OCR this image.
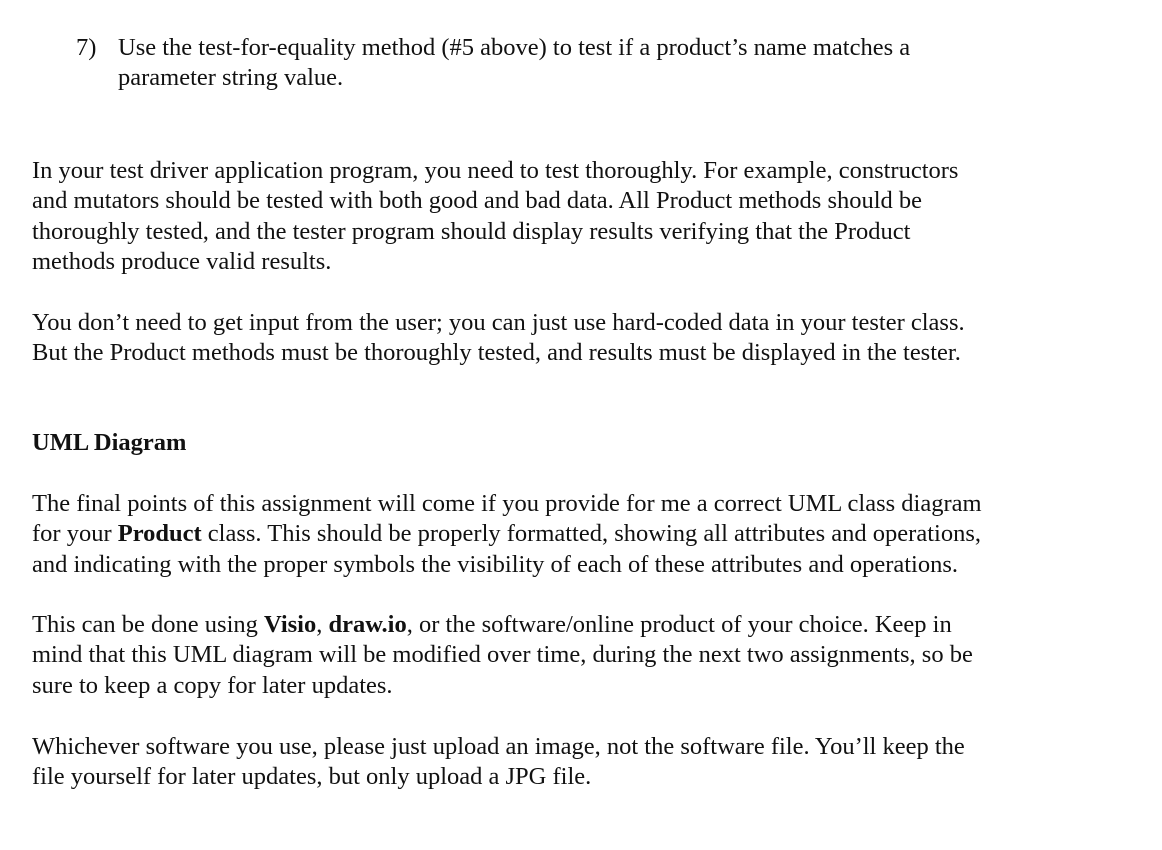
7) Use the test-for-equality method (#5 above) to test if a product’s name matches a
parameter string value.
In your test driver application program, you need to test thoroughly. For example, constructors
and mutators should be tested with both good and bad data. All Product methods should be
thoroughly tested, and the tester program should display results verifying that the Product
methods produce valid results.
You don’t need to get input from the user; you can just use hard-coded data in your tester class.
But the Product methods must be thoroughly tested, and results must be displayed in the tester.
UML Diagram
The final points of this assignment will come if you provide for me a correct UML class diagram
for your Product class. This should be properly formatted, showing all attributes and operations,
and indicating with the proper symbols the visibility of each of these attributes and operations.
This can be done using Visio, draw.io, or the software/online product of your choice. Keep in
mind that this UML diagram will be modified over time, during the next two assignments, so be
sure to keep a copy for later updates.
Whichever software you use, please just upload an image, not the software file. You’ll keep the
file yourself for later updates, but only upload a JPG file.
